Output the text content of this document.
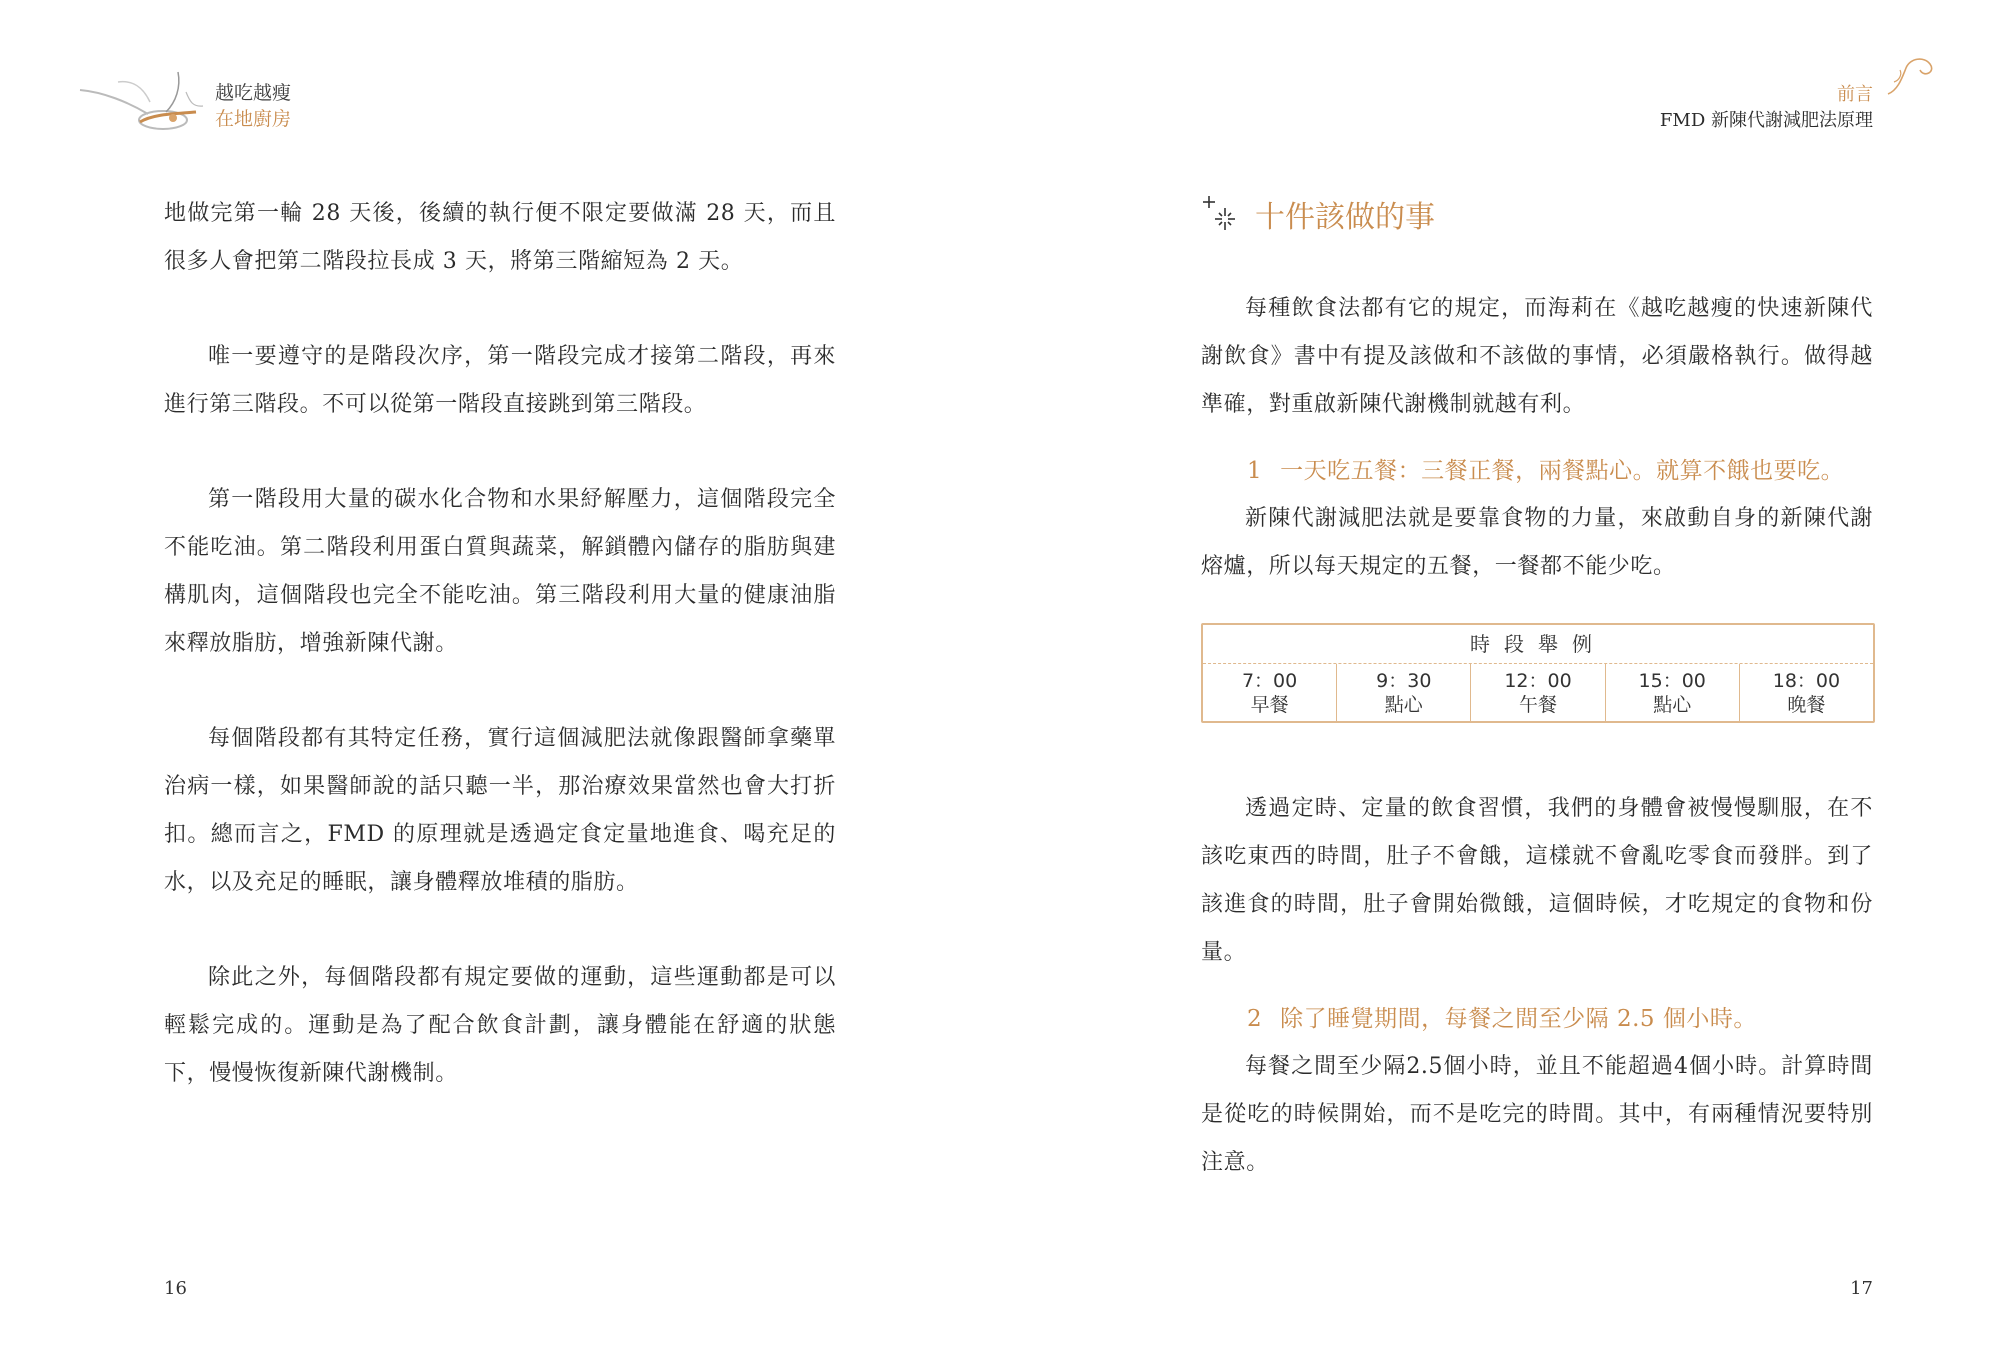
越吃越瘦
在地廚房

地做完第一輪 28 天後，後續的執行便不限定要做滿 28 天，而且很多人會把第二階段拉長成 3 天，將第三階縮短為 2 天。

唯一要遵守的是階段次序，第一階段完成才接第二階段，再來進行第三階段。不可以從第一階段直接跳到第三階段。

第一階段用大量的碳水化合物和水果紓解壓力，這個階段完全不能吃油。第二階段利用蛋白質與蔬菜，解鎖體內儲存的脂肪與建構肌肉，這個階段也完全不能吃油。第三階段利用大量的健康油脂來釋放脂肪，增強新陳代謝。

每個階段都有其特定任務，實行這個減肥法就像跟醫師拿藥單治病一樣，如果醫師說的話只聽一半，那治療效果當然也會大打折扣。總而言之，FMD 的原理就是透過定食定量地進食、喝充足的水，以及充足的睡眠，讓身體釋放堆積的脂肪。

除此之外，每個階段都有規定要做的運動，這些運動都是可以輕鬆完成的。運動是為了配合飲食計劃，讓身體能在舒適的狀態下，慢慢恢復新陳代謝機制。

16
前言
FMD 新陳代謝減肥法原理
十件該做的事

每種飲食法都有它的規定，而海莉在《越吃越瘦的快速新陳代謝飲食》書中有提及該做和不該做的事情，必須嚴格執行。做得越準確，對重啟新陳代謝機制就越有利。

1 一天吃五餐：三餐正餐，兩餐點心。就算不餓也要吃。

新陳代謝減肥法就是要靠食物的力量，來啟動自身的新陳代謝熔爐，所以每天規定的五餐，一餐都不能少吃。

時段舉例
7：00
早餐
9：30
點心
12：00
午餐
15：00
點心
18：00
晚餐

透過定時、定量的飲食習慣，我們的身體會被慢慢馴服，在不該吃東西的時間，肚子不會餓，這樣就不會亂吃零食而發胖。到了該進食的時間，肚子會開始微餓，這個時候，才吃規定的食物和份量。

2 除了睡覺期間，每餐之間至少隔 2.5 個小時。

每餐之間至少隔2.5個小時，並且不能超過4個小時。計算時間是從吃的時候開始，而不是吃完的時間。其中，有兩種情況要特別注意。

17
